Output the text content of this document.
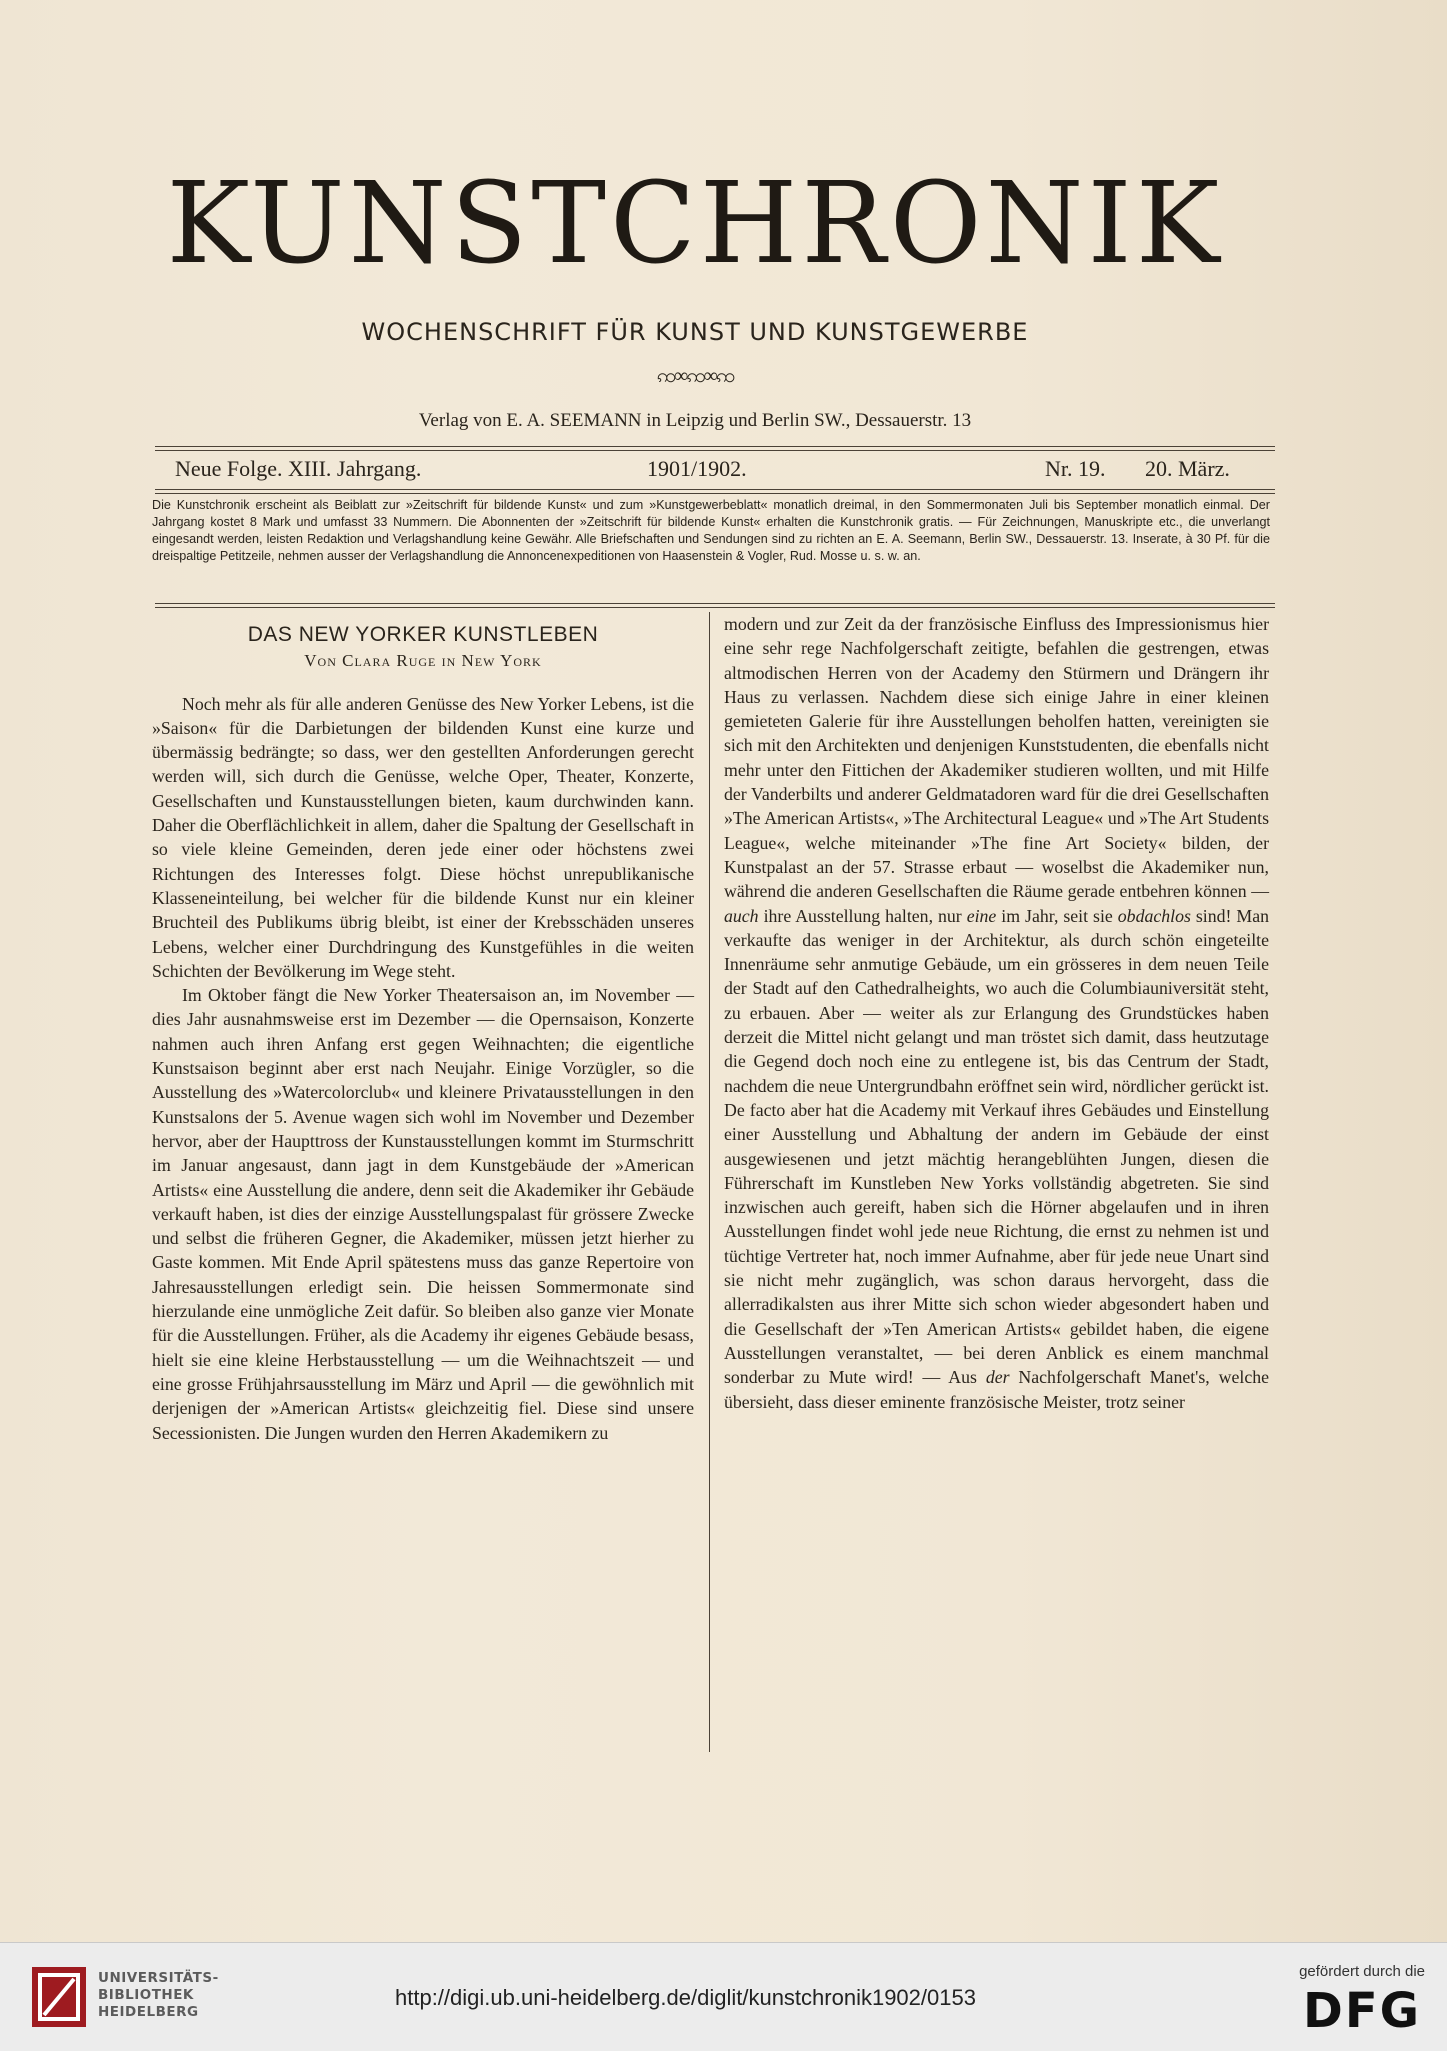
KUNSTCHRONIK
WOCHENSCHRIFT FÜR KUNST UND KUNSTGEWERBE
ꩡ∞ꩡ∞ꩡ
Verlag von E. A. SEEMANN in Leipzig und Berlin SW., Dessauerstr. 13
Neue Folge. XIII. Jahrgang.	1901/1902.	Nr. 19. 20. März.
Die Kunstchronik erscheint als Beiblatt zur »Zeitschrift für bildende Kunst« und zum »Kunstgewerbeblatt« monatlich dreimal, in den Sommermonaten Juli bis September monatlich einmal. Der Jahrgang kostet 8 Mark und umfasst 33 Nummern. Die Abonnenten der »Zeitschrift für bildende Kunst« erhalten die Kunstchronik gratis. — Für Zeichnungen, Manuskripte etc., die unverlangt eingesandt werden, leisten Redaktion und Verlagshandlung keine Gewähr. Alle Briefschaften und Sendungen sind zu richten an E. A. Seemann, Berlin SW., Dessauerstr. 13. Inserate, à 30 Pf. für die dreispaltige Petitzeile, nehmen ausser der Verlagshandlung die Annoncenexpeditionen von Haasenstein & Vogler, Rud. Mosse u. s. w. an.
DAS NEW YORKER KUNSTLEBEN
Von Clara Ruge in New York

Noch mehr als für alle anderen Genüsse des New Yorker Lebens, ist die »Saison« für die Darbietungen der bildenden Kunst eine kurze und übermässig bedrängte; so dass, wer den gestellten Anforderungen gerecht werden will, sich durch die Genüsse, welche Oper, Theater, Konzerte, Gesellschaften und Kunstausstellungen bieten, kaum durchwinden kann. Daher die Oberflächlichkeit in allem, daher die Spaltung der Gesellschaft in so viele kleine Gemeinden, deren jede einer oder höchstens zwei Richtungen des Interesses folgt. Diese höchst unrepublikanische Klasseneinteilung, bei welcher für die bildende Kunst nur ein kleiner Bruchteil des Publikums übrig bleibt, ist einer der Krebsschäden unseres Lebens, welcher einer Durchdringung des Kunstgefühles in die weiten Schichten der Bevölkerung im Wege steht.

Im Oktober fängt die New Yorker Theatersaison an, im November — dies Jahr ausnahmsweise erst im Dezember — die Opernsaison, Konzerte nahmen auch ihren Anfang erst gegen Weihnachten; die eigentliche Kunstsaison beginnt aber erst nach Neujahr. Einige Vorzügler, so die Ausstellung des »Watercolorclub« und kleinere Privatausstellungen in den Kunstsalons der 5. Avenue wagen sich wohl im November und Dezember hervor, aber der Haupttross der Kunstausstellungen kommt im Sturmschritt im Januar angesaust, dann jagt in dem Kunstgebäude der »American Artists« eine Ausstellung die andere, denn seit die Akademiker ihr Gebäude verkauft haben, ist dies der einzige Ausstellungspalast für grössere Zwecke und selbst die früheren Gegner, die Akademiker, müssen jetzt hierher zu Gaste kommen. Mit Ende April spätestens muss das ganze Repertoire von Jahresausstellungen erledigt sein. Die heissen Sommermonate sind hierzulande eine unmögliche Zeit dafür. So bleiben also ganze vier Monate für die Ausstellungen. Früher, als die Academy ihr eigenes Gebäude besass, hielt sie eine kleine Herbstausstellung — um die Weihnachtszeit — und eine grosse Frühjahrsausstellung im März und April — die gewöhnlich mit derjenigen der »American Artists« gleichzeitig fiel. Diese sind unsere Secessionisten. Die Jungen wurden den Herren Akademikern zu

modern und zur Zeit da der französische Einfluss des Impressionismus hier eine sehr rege Nachfolgerschaft zeitigte, befahlen die gestrengen, etwas altmodischen Herren von der Academy den Stürmern und Drängern ihr Haus zu verlassen. Nachdem diese sich einige Jahre in einer kleinen gemieteten Galerie für ihre Ausstellungen beholfen hatten, vereinigten sie sich mit den Architekten und denjenigen Kunststudenten, die ebenfalls nicht mehr unter den Fittichen der Akademiker studieren wollten, und mit Hilfe der Vanderbilts und anderer Geldmatadoren ward für die drei Gesellschaften »The American Artists«, »The Architectural League« und »The Art Students League«, welche miteinander »The fine Art Society« bilden, der Kunstpalast an der 57. Strasse erbaut — woselbst die Akademiker nun, während die anderen Gesellschaften die Räume gerade entbehren können — auch ihre Ausstellung halten, nur eine im Jahr, seit sie obdachlos sind! Man verkaufte das weniger in der Architektur, als durch schön eingeteilte Innenräume sehr anmutige Gebäude, um ein grösseres in dem neuen Teile der Stadt auf den Cathedralheights, wo auch die Columbiauniversität steht, zu erbauen. Aber — weiter als zur Erlangung des Grundstückes haben derzeit die Mittel nicht gelangt und man tröstet sich damit, dass heutzutage die Gegend doch noch eine zu entlegene ist, bis das Centrum der Stadt, nachdem die neue Untergrundbahn eröffnet sein wird, nördlicher gerückt ist. De facto aber hat die Academy mit Verkauf ihres Gebäudes und Einstellung einer Ausstellung und Abhaltung der andern im Gebäude der einst ausgewiesenen und jetzt mächtig herangeblühten Jungen, diesen die Führerschaft im Kunstleben New Yorks vollständig abgetreten. Sie sind inzwischen auch gereift, haben sich die Hörner abgelaufen und in ihren Ausstellungen findet wohl jede neue Richtung, die ernst zu nehmen ist und tüchtige Vertreter hat, noch immer Aufnahme, aber für jede neue Unart sind sie nicht mehr zugänglich, was schon daraus hervorgeht, dass die allerradikalsten aus ihrer Mitte sich schon wieder abgesondert haben und die Gesellschaft der »Ten American Artists« gebildet haben, die eigene Ausstellungen veranstaltet, — bei deren Anblick es einem manchmal sonderbar zu Mute wird! — Aus der Nachfolgerschaft Manet's, welche übersieht, dass dieser eminente französische Meister, trotz seiner

UNIVERSITÄTS-
BIBLIOTHEK
HEIDELBERG
http://digi.ub.uni-heidelberg.de/diglit/kunstchronik1902/0153
gefördert durch die
DFG
